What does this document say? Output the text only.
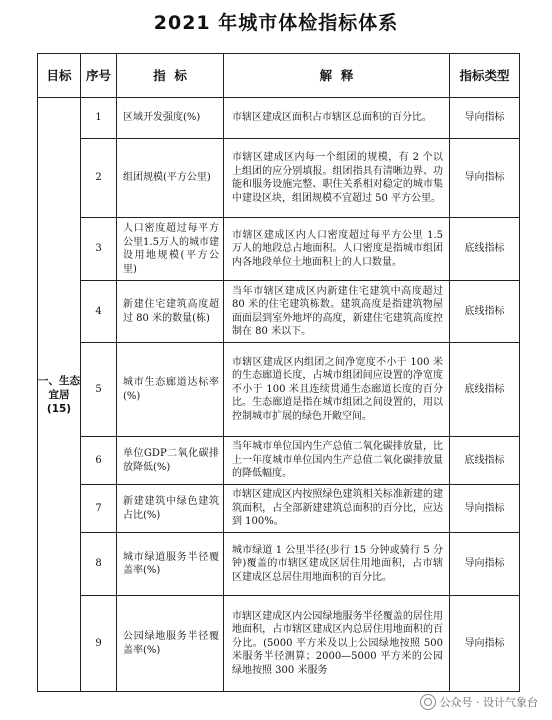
2021 年城市体检指标体系
目标	序号	指  标	解  释	指标类型
一、生态宜居(15)	1	区域开发强度(%)	市辖区建成区面积占市辖区总面积的百分比。	导向指标
	2	组团规模(平方公里)	市辖区建成区内每一个组团的规模，有 2 个以上组团的应分别填报。组团指具有清晰边界、功能和服务设施完整、职住关系相对稳定的城市集中建设区块，组团规模不宜超过 50 平方公里。	导向指标
	3	人口密度超过每平方公里1.5万人的城市建设用地规模(平方公里)	市辖区建成区内人口密度超过每平方公里 1.5 万人的地段总占地面积。人口密度是指城市组团内各地段单位土地面积上的人口数量。	底线指标
	4	新建住宅建筑高度超过 80 米的数量(栋)	当年市辖区建成区内新建住宅建筑中高度超过 80 米的住宅建筑栋数。建筑高度是指建筑物屋面面层到室外地坪的高度，新建住宅建筑高度控制在 80 米以下。	底线指标
	5	城市生态廊道达标率(%)	市辖区建成区内组团之间净宽度不小于 100 米的生态廊道长度，占城市组团间应设置的净宽度不小于 100 米且连续贯通生态廊道长度的百分比。生态廊道是指在城市组团之间设置的，用以控制城市扩展的绿色开敞空间。	底线指标
	6	单位GDP二氧化碳排放降低(%)	当年城市单位国内生产总值二氧化碳排放量，比上一年度城市单位国内生产总值二氧化碳排放量的降低幅度。	底线指标
	7	新建建筑中绿色建筑占比(%)	市辖区建成区内按照绿色建筑相关标准新建的建筑面积，占全部新建建筑总面积的百分比，应达到 100%。	导向指标
	8	城市绿道服务半径覆盖率(%)	城市绿道 1 公里半径(步行 15 分钟或骑行 5 分钟)覆盖的市辖区建成区居住用地面积，占市辖区建成区总居住用地面积的百分比。	导向指标
	9	公园绿地服务半径覆盖率(%)	市辖区建成区内公园绿地服务半径覆盖的居住用地面积，占市辖区建成区内总居住用地面积的百分比。(5000 平方米及以上公园绿地按照 500 米服务半径测算；2000—5000 平方米的公园绿地按照 300 米服务	导向指标
公众号 · 设计气象台
